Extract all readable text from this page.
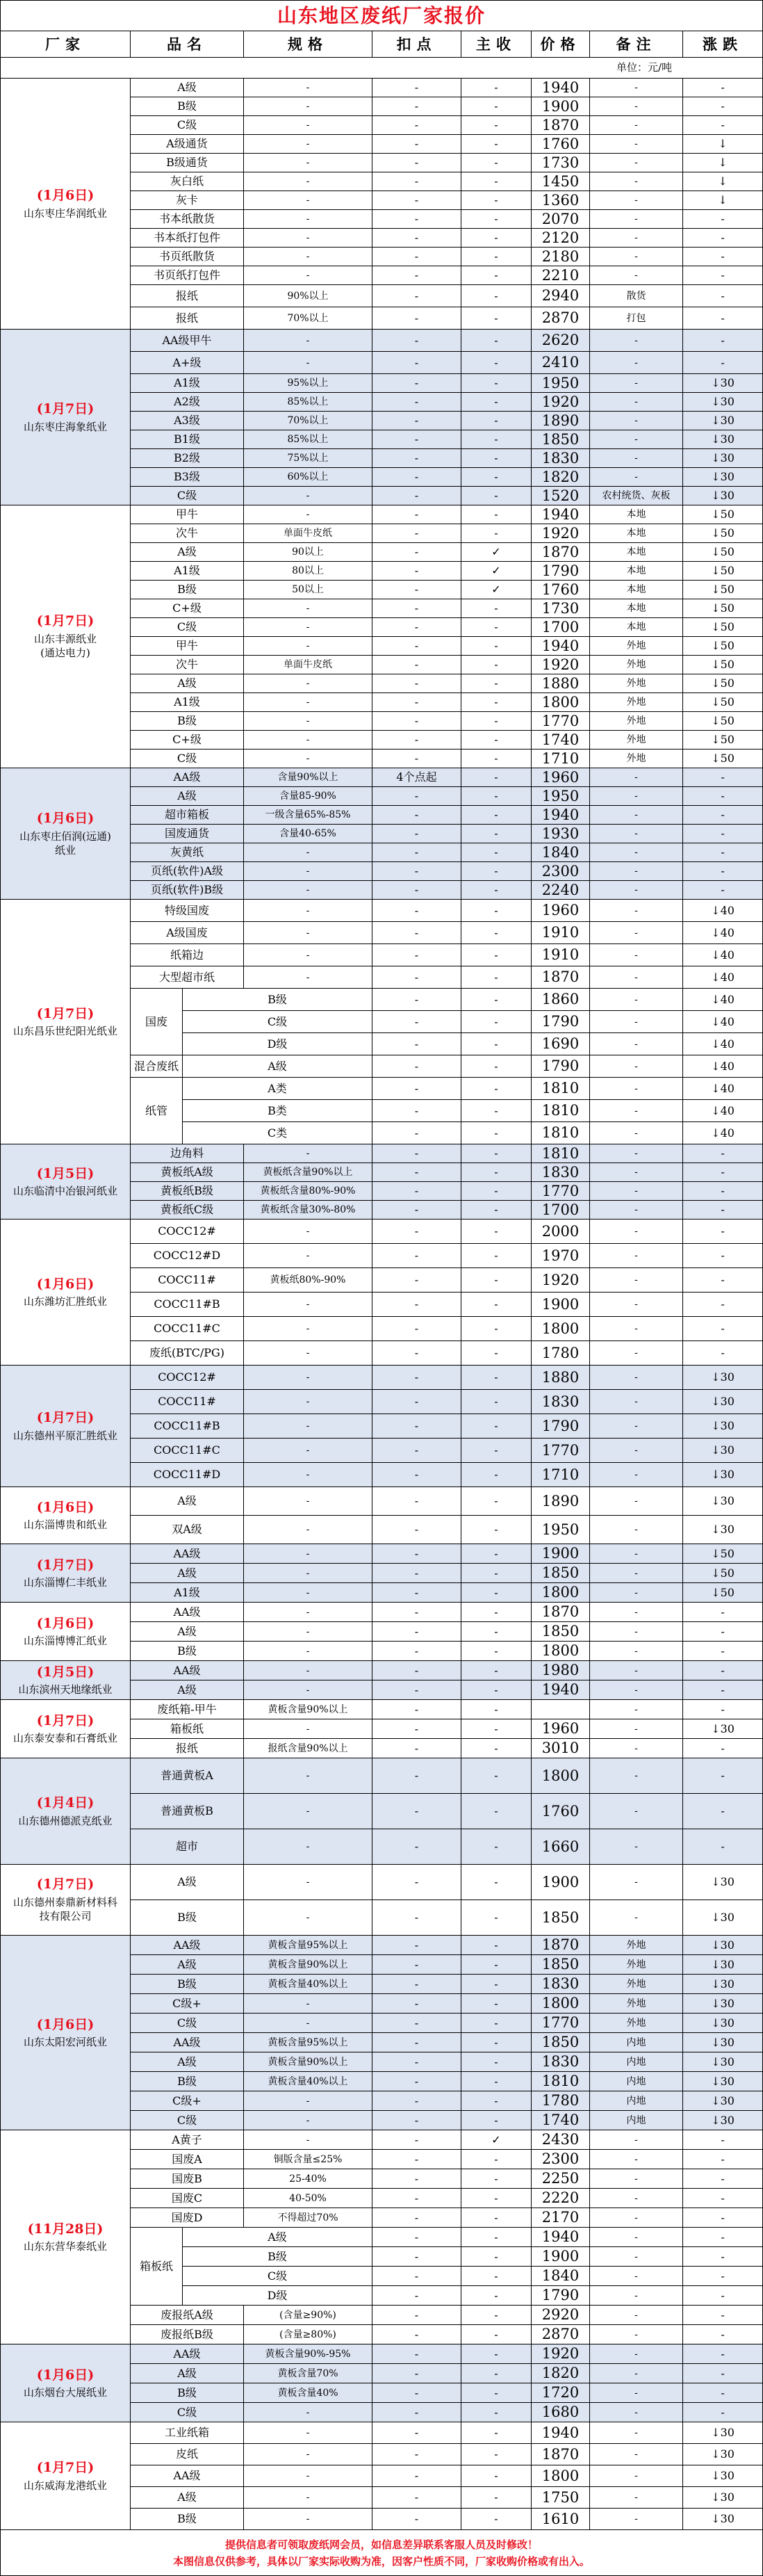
山东地区废纸厂家报价								
厂家	品名		规格	扣点	主收	价格	备注	涨跌
单位：元/吨								

(1月6日)
山东枣庄华润纸业	A级		-	-	-	1940	-	-
	B级		-	-	-	1900	-	-
	C级		-	-	-	1870	-	-
	A级通货		-	-	-	1760	-	↓
	B级通货		-	-	-	1730	-	↓
	灰白纸		-	-	-	1450	-	↓
	灰卡		-	-	-	1360	-	↓
	书本纸散货		-	-	-	2070	-	-
	书本纸打包件		-	-	-	2120	-	-
	书页纸散货		-	-	-	2180	-	-
	书页纸打包件		-	-	-	2210	-	-
	报纸		90%以上	-	-	2940	散货	-
	报纸		70%以上	-	-	2870	打包	-

(1月7日)
山东枣庄海象纸业	AA级甲牛		-	-	-	2620	-	-
	A+级		-	-	-	2410	-	-
	A1级		95%以上	-	-	1950	-	↓30
	A2级		85%以上	-	-	1920	-	↓30
	A3级		70%以上	-	-	1890	-	↓30
	B1级		85%以上	-	-	1850	-	↓30
	B2级		75%以上	-	-	1830	-	↓30
	B3级		60%以上	-	-	1820	-	↓30
	C级		-	-	-	1520	农村统货、灰板	↓30

(1月7日)
山东丰源纸业
(通达电力)	甲牛		-	-	-	1940	本地	↓50
	次牛		单面牛皮纸	-	-	1920	本地	↓50
	A级		90以上	-	✓	1870	本地	↓50
	A1级		80以上	-	✓	1790	本地	↓50
	B级		50以上	-	✓	1760	本地	↓50
	C+级		-	-	-	1730	本地	↓50
	C级		-	-	-	1700	本地	↓50
	甲牛		-	-	-	1940	外地	↓50
	次牛		单面牛皮纸	-	-	1920	外地	↓50
	A级		-	-	-	1880	外地	↓50
	A1级		-	-	-	1800	外地	↓50
	B级		-	-	-	1770	外地	↓50
	C+级		-	-	-	1740	外地	↓50
	C级		-	-	-	1710	外地	↓50

(1月6日)
山东枣庄佰润(远通)
纸业	AA级		含量90%以上	4个点起	-	1960	-	-
	A级		含量85-90%	-	-	1950	-	-
	超市箱板		一级含量65%-85%	-	-	1940	-	-
	国废通货		含量40-65%	-	-	1930	-	-
	灰黄纸		-	-	-	1840	-	-
	页纸(软件)A级		-	-	-	2300	-	-
	页纸(软件)B级		-	-	-	2240	-	-

(1月7日)
山东昌乐世纪阳光纸业	特级国废		-	-	-	1960	-	↓40
	A级国废		-	-	-	1910	-	↓40
	纸箱边		-	-	-	1910	-	↓40
	大型超市纸		-	-	-	1870	-	↓40
	国废	B级		-	-	1860	-	↓40
		C级		-	-	1790	-	↓40
		D级		-	-	1690	-	↓40
	混合废纸	A级		-	-	1790	-	↓40
	纸管	A类		-	-	1810	-	↓40
		B类		-	-	1810	-	↓40
		C类		-	-	1810	-	↓40

(1月5日)
山东临清中冶银河纸业	边角料		-	-	-	1810	-	-
	黄板纸A级		黄板纸含量90%以上	-	-	1830	-	-
	黄板纸B级		黄板纸含量80%-90%	-	-	1770	-	-
	黄板纸C级		黄板纸含量30%-80%	-	-	1700	-	-

(1月6日)
山东潍坊汇胜纸业	COCC12#		-	-	-	2000	-	-
	COCC12#D		-	-	-	1970	-	-
	COCC11#		黄板纸80%-90%	-	-	1920	-	-
	COCC11#B		-	-	-	1900	-	-
	COCC11#C		-	-	-	1800	-	-
	废纸(BTC/PG)		-	-	-	1780	-	-

(1月7日)
山东德州平原汇胜纸业	COCC12#		-	-	-	1880	-	↓30
	COCC11#		-	-	-	1830	-	↓30
	COCC11#B		-	-	-	1790	-	↓30
	COCC11#C		-	-	-	1770	-	↓30
	COCC11#D		-	-	-	1710	-	↓30

(1月6日)
山东淄博贵和纸业	A级		-	-	-	1890	-	↓30
	双A级		-	-	-	1950	-	↓30

(1月7日)
山东淄博仁丰纸业	AA级		-	-	-	1900	-	↓50
	A级		-	-	-	1850	-	↓50
	A1级		-	-	-	1800	-	↓50

(1月6日)
山东淄博博汇纸业	AA级		-	-	-	1870	-	-
	A级		-	-	-	1850	-	-
	B级		-	-	-	1800	-	-

(1月5日)
山东滨州天地缘纸业	AA级		-	-	-	1980	-	-
	A级		-	-	-	1940	-	-

(1月7日)
山东泰安泰和石膏纸业	废纸箱-甲牛		黄板含量90%以上	-	-		-	-
	箱板纸		-	-	-	1960	-	↓30
	报纸		报纸含量90%以上	-	-	3010	-	-

(1月4日)
山东德州德派克纸业	普通黄板A		-	-	-	1800	-	-
	普通黄板B		-	-	-	1760	-	-
	超市		-	-	-	1660	-	-

(1月7日)
山东德州泰鼎新材料科
技有限公司	A级		-	-	-	1900	-	↓30
	B级		-	-	-	1850	-	↓30

(1月6日)
山东太阳宏河纸业	AA级		黄板含量95%以上	-	-	1870	外地	↓30
	A级		黄板含量90%以上	-	-	1850	外地	↓30
	B级		黄板含量40%以上	-	-	1830	外地	↓30
	C级+		-	-	-	1800	外地	↓30
	C级		-	-	-	1770	外地	↓30
	AA级		黄板含量95%以上	-	-	1850	内地	↓30
	A级		黄板含量90%以上	-	-	1830	内地	↓30
	B级		黄板含量40%以上	-	-	1810	内地	↓30
	C级+		-	-	-	1780	内地	↓30
	C级		-	-	-	1740	内地	↓30

(11月28日)
山东东营华泰纸业	A黄子		-	-	✓	2430	-	-
	国废A		铜版含量≤25%	-	-	2300	-	-
	国废B		25-40%	-	-	2250	-	-
	国废C		40-50%	-	-	2220	-	-
	国废D		不得超过70%	-	-	2170	-	-
	箱板纸	A级		-	-	1940	-	-
		B级		-	-	1900	-	-
		C级		-	-	1840	-	-
		D级		-	-	1790	-	-
	废报纸A级		(含量≥90%)	-	-	2920	-	-
	废报纸B级		(含量≥80%)	-	-	2870	-	-

(1月6日)
山东烟台大展纸业	AA级		黄板含量90%-95%	-	-	1920	-	-
	A级		黄板含量70%	-	-	1820	-	-
	B级		黄板含量40%	-	-	1720	-	-
	C级		-	-	-	1680	-	-

(1月7日)
山东威海龙港纸业	工业纸箱		-	-	-	1940	-	↓30
	皮纸		-	-	-	1870	-	↓30
	AA级		-	-	-	1800	-	↓30
	A级		-	-	-	1750	-	↓30
	B级		-	-	-	1610	-	↓30

提供信息者可领取废纸网会员，如信息差异联系客服人员及时修改！
本图信息仅供参考，具体以厂家实际收购为准，因客户性质不同，厂家收购价格或有出入。								
